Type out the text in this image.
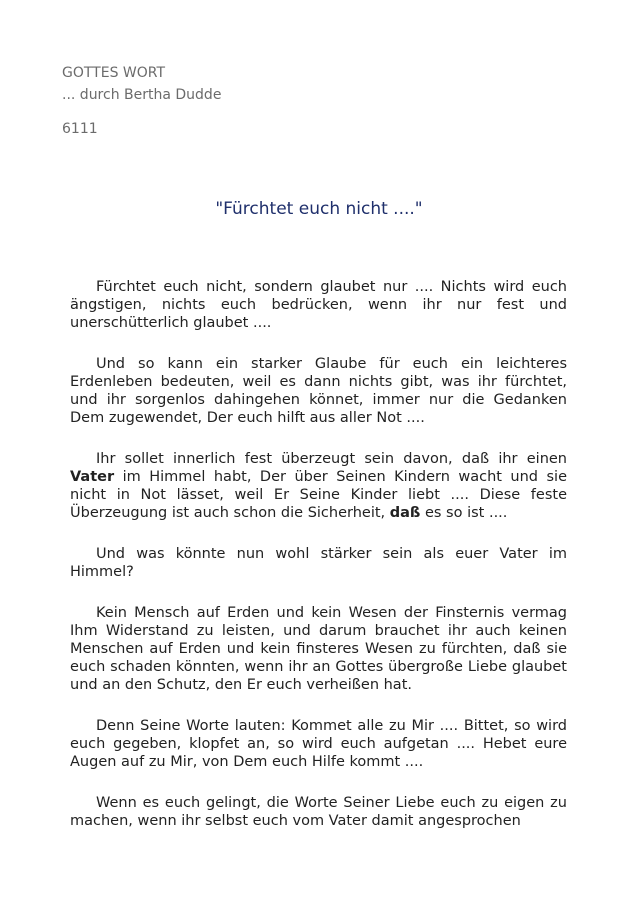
GOTTES WORT
... durch Bertha Dudde
6111
"Fürchtet euch nicht ...."

Fürchtet euch nicht, sondern glaubet nur .... Nichts wird euch ängstigen, nichts euch bedrücken, wenn ihr nur fest und unerschütterlich glaubet ....

Und so kann ein starker Glaube für euch ein leichteres Erdenleben bedeuten, weil es dann nichts gibt, was ihr fürchtet, und ihr sorgenlos dahingehen könnet, immer nur die Gedanken Dem zugewendet, Der euch hilft aus aller Not ....

Ihr sollet innerlich fest überzeugt sein davon, daß ihr einen Vater im Himmel habt, Der über Seinen Kindern wacht und sie nicht in Not lässet, weil Er Seine Kinder liebt .... Diese feste Überzeugung ist auch schon die Sicherheit, daß es so ist ....

Und was könnte nun wohl stärker sein als euer Vater im Himmel?

Kein Mensch auf Erden und kein Wesen der Finsternis vermag Ihm Widerstand zu leisten, und darum brauchet ihr auch keinen Menschen auf Erden und kein finsteres Wesen zu fürchten, daß sie euch schaden könnten, wenn ihr an Gottes übergroße Liebe glaubet und an den Schutz, den Er euch verheißen hat.

Denn Seine Worte lauten: Kommet alle zu Mir .... Bittet, so wird euch gegeben, klopfet an, so wird euch aufgetan .... Hebet eure Augen auf zu Mir, von Dem euch Hilfe kommt ....

Wenn es euch gelingt, die Worte Seiner Liebe euch zu eigen zu machen, wenn ihr selbst euch vom Vater damit angesprochen
